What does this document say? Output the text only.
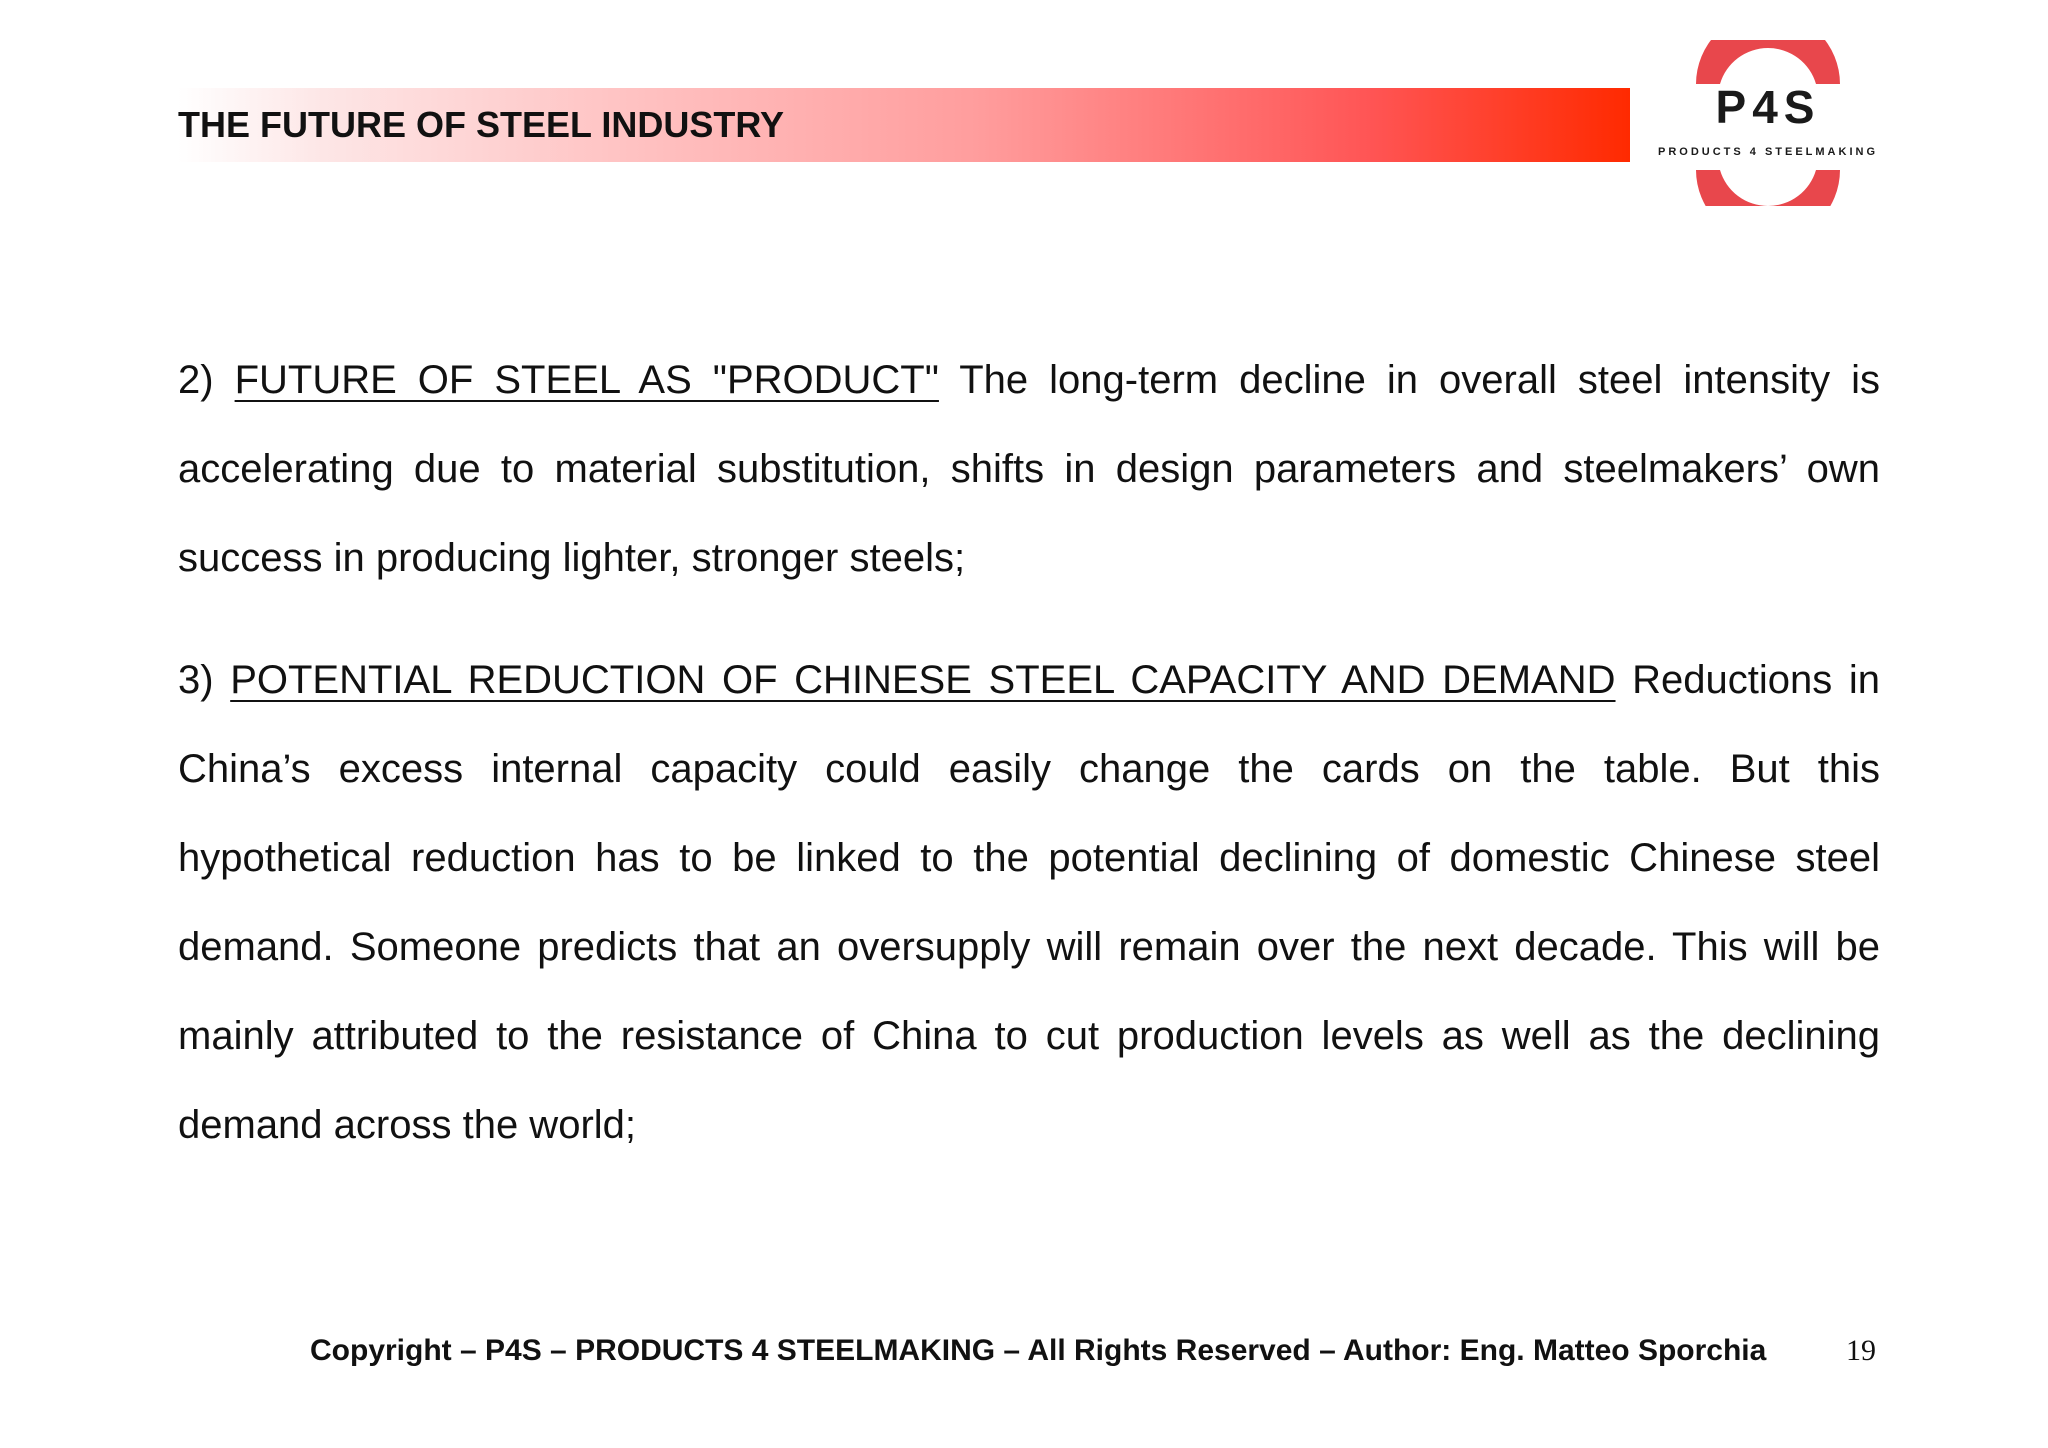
THE FUTURE OF STEEL INDUSTRY	P4S
PRODUCTS 4 STEELMAKING

2) FUTURE OF STEEL AS "PRODUCT" The long-term decline in overall steel intensity is accelerating due to material substitution, shifts in design parameters and steelmakers’ own success in producing lighter, stronger steels;

3) POTENTIAL REDUCTION OF CHINESE STEEL CAPACITY AND DEMAND Reductions in China’s excess internal capacity could easily change the cards on the table. But this hypothetical reduction has to be linked to the potential declining of domestic Chinese steel demand. Someone predicts that an oversupply will remain over the next decade. This will be mainly attributed to the resistance of China to cut production levels as well as the declining demand across the world;

Copyright – P4S – PRODUCTS 4 STEELMAKING – All Rights Reserved – Author: Eng. Matteo Sporchia	19
